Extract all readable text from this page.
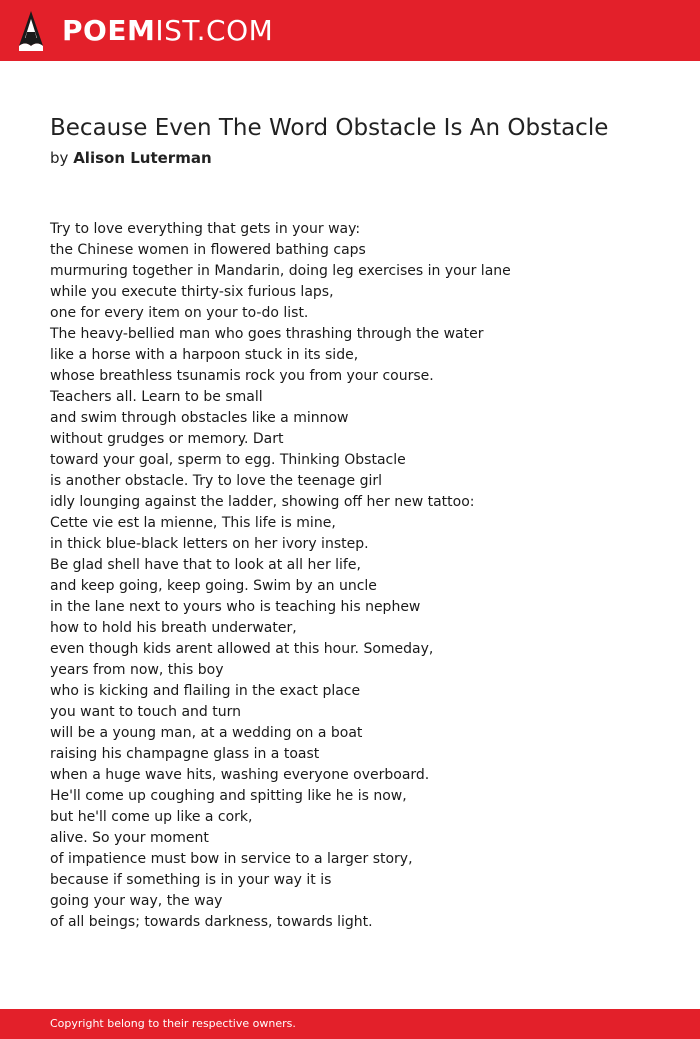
POEMIST.COM
Because Even The Word Obstacle Is An Obstacle
by Alison Luterman
Try to love everything that gets in your way:
the Chinese women in flowered bathing caps
murmuring together in Mandarin, doing leg exercises in your lane
while you execute thirty-six furious laps,
one for every item on your to-do list.
The heavy-bellied man who goes thrashing through the water
like a horse with a harpoon stuck in its side,
whose breathless tsunamis rock you from your course.
Teachers all. Learn to be small
and swim through obstacles like a minnow
without grudges or memory. Dart
toward your goal, sperm to egg. Thinking Obstacle
is another obstacle. Try to love the teenage girl
idly lounging against the ladder, showing off her new tattoo:
Cette vie est la mienne, This life is mine,
in thick blue-black letters on her ivory instep.
Be glad shell have that to look at all her life,
and keep going, keep going. Swim by an uncle
in the lane next to yours who is teaching his nephew
how to hold his breath underwater,
even though kids arent allowed at this hour. Someday,
years from now, this boy
who is kicking and flailing in the exact place
you want to touch and turn
will be a young man, at a wedding on a boat
raising his champagne glass in a toast
when a huge wave hits, washing everyone overboard.
He'll come up coughing and spitting like he is now,
but he'll come up like a cork,
alive. So your moment
of impatience must bow in service to a larger story,
because if something is in your way it is
going your way, the way
of all beings; towards darkness, towards light.
Copyright belong to their respective owners.
